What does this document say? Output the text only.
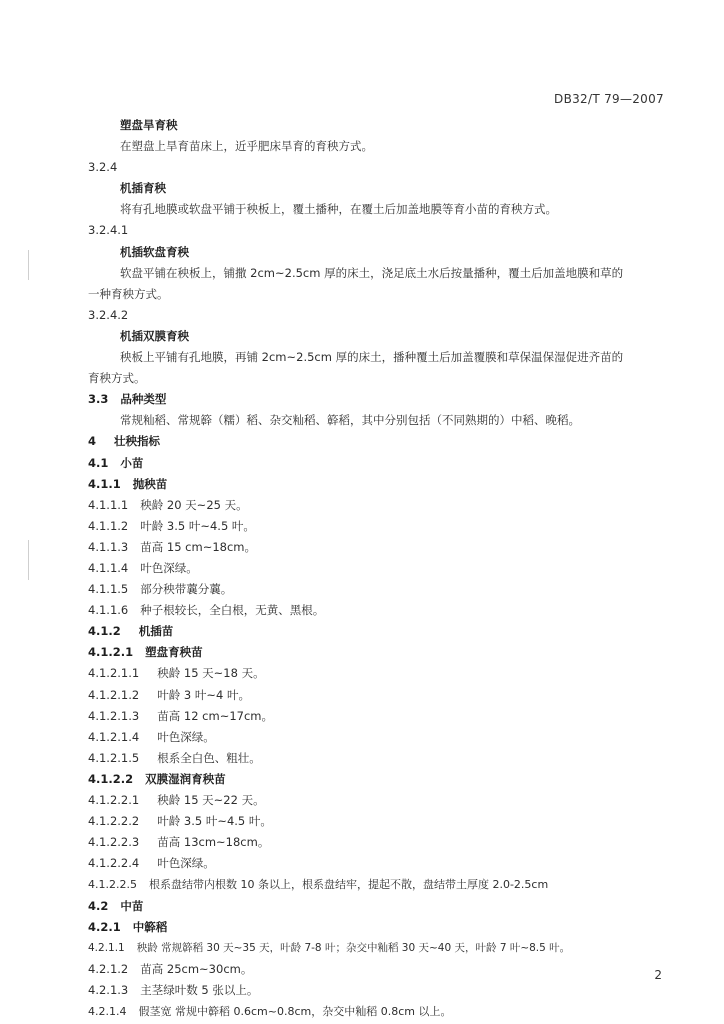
DB32/T 79—2007
塑盘旱育秧
在塑盘上旱育苗床上，近乎肥床旱育的育秧方式。
3.2.4
机插育秧
将有孔地膜或软盘平铺于秧板上，覆土播种，在覆土后加盖地膜等育小苗的育秧方式。
3.2.4.1
机插软盘育秧
软盘平铺在秧板上，铺撒 2cm~2.5cm 厚的床土，浇足底土水后按量播种，覆土后加盖地膜和草的
一种育秧方式。
3.2.4.2
机插双膜育秧
秧板上平铺有孔地膜，再铺 2cm~2.5cm 厚的床土，播种覆土后加盖覆膜和草保温保湿促进齐苗的
育秧方式。
3.3 品种类型
常规籼稻、常规簳（糯）稻、杂交籼稻、簳稻，其中分别包括（不同熟期的）中稻、晚稻。
4 壮秧指标
4.1 小苗
4.1.1 抛秧苗
4.1.1.1 秧龄 20 天~25 天。
4.1.1.2 叶龄 3.5 叶~4.5 叶。
4.1.1.3 苗高 15 cm~18cm。
4.1.1.4 叶色深绿。
4.1.1.5 部分秧带蘘分蘘。
4.1.1.6 种子根较长，全白根，无黄、黑根。
4.1.2 机插苗
4.1.2.1 塑盘育秧苗
4.1.2.1.1 秧龄 15 天~18 天。
4.1.2.1.2 叶龄 3 叶~4 叶。
4.1.2.1.3 苗高 12 cm~17cm。
4.1.2.1.4 叶色深绿。
4.1.2.1.5 根系全白色、粗壮。
4.1.2.2 双膜湿润育秧苗
4.1.2.2.1 秧龄 15 天~22 天。
4.1.2.2.2 叶龄 3.5 叶~4.5 叶。
4.1.2.2.3 苗高 13cm~18cm。
4.1.2.2.4 叶色深绿。
4.1.2.2.5 根系盘结带内根数 10 条以上，根系盘结牢，提起不散，盘结带土厚度 2.0-2.5cm
4.2 中苗
4.2.1 中簳稻
4.2.1.1 秧龄 常规簳稻 30 天~35 天，叶龄 7-8 叶；杂交中籼稻 30 天~40 天，叶龄 7 叶~8.5 叶。
4.2.1.2 苗高 25cm~30cm。
4.2.1.3 主茎绿叶数 5 张以上。
2
4.2.1.4 假茎宽 常规中簳稻 0.6cm~0.8cm，杂交中籼稻 0.8cm 以上。
